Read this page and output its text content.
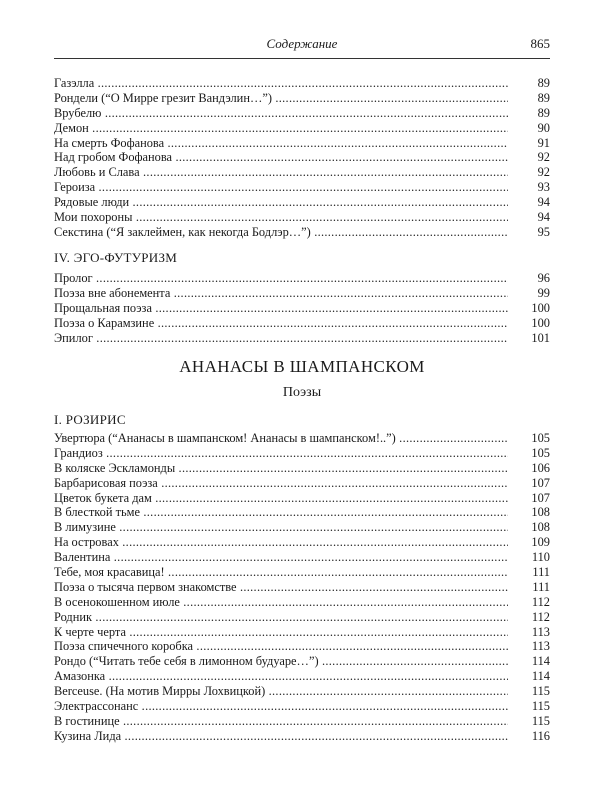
Содержание	865
Газэлла .....	89
Рондели (“О Мирре грезит Вандэлин…”) .....	89
Врубелю .....	89
Демон .....	90
На смерть Фофанова .....	91
Над гробом Фофанова .....	92
Любовь и Слава .....	92
Героиза .....	93
Рядовые люди .....	94
Мои похороны .....	94
Секстина (“Я заклеймен, как некогда Бодлэр…”) .....	95
IV. ЭГО-ФУТУРИЗМ
Пролог .....	96
Поэза вне абонемента .....	99
Прощальная поэза .....	100
Поэза о Карамзине .....	100
Эпилог .....	101
АНАНАСЫ В ШАМПАНСКОМ
Поэзы
I. РОЗИРИС
Увертюра (“Ананасы в шампанском! Ананасы в шампанском!..”) .....	105
Грандиоз .....	105
В коляске Эскламонды .....	106
Барбарисовая поэза .....	107
Цветок букета дам .....	107
В блесткой тьме .....	108
В лимузине .....	108
На островах .....	109
Валентина .....	110
Тебе, моя красавица! .....	111
Поэза о тысяча первом знакомстве .....	111
В осенокошенном июле .....	112
Родник .....	112
К черте черта .....	113
Поэза спичечного коробка .....	113
Рондо (“Читать тебе себя в лимонном будуаре…”) .....	114
Амазонка .....	114
Berceuse. (На мотив Мирры Лохвицкой) .....	115
Электрассонанс .....	115
В гостинице .....	115
Кузина Лида .....	116
